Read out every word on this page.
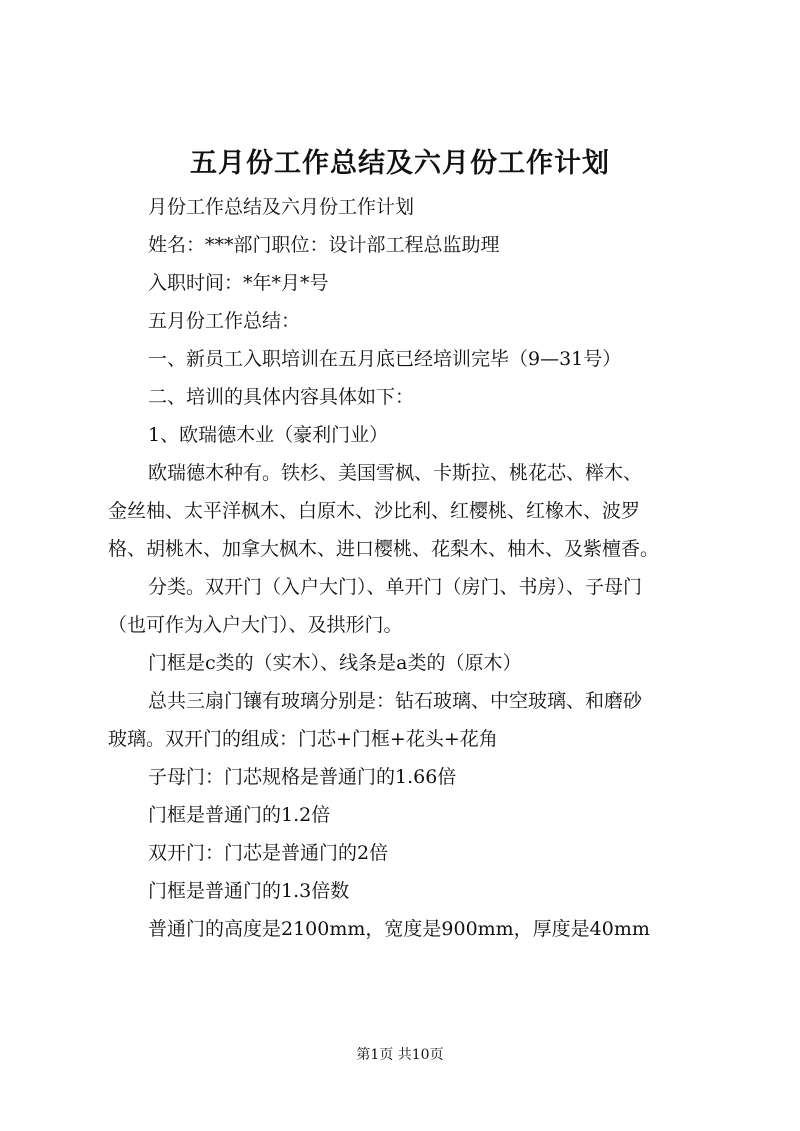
五月份工作总结及六月份工作计划

月份工作总结及六月份工作计划

姓名：***部门职位：设计部工程总监助理

入职时间：*年*月*号

五月份工作总结：

一、新员工入职培训在五月底已经培训完毕（9—31号）

二、培训的具体内容具体如下：

1、欧瑞德木业（豪利门业）

欧瑞德木种有。铁杉、美国雪枫、卡斯拉、桃花芯、榉木、
金丝柚、太平洋枫木、白原木、沙比利、红樱桃、红橡木、波罗
格、胡桃木、加拿大枫木、进口樱桃、花梨木、柚木、及紫檀香。

分类。双开门（入户大门）、单开门（房门、书房）、子母门
（也可作为入户大门）、及拱形门。

门框是c类的（实木）、线条是a类的（原木）

总共三扇门镶有玻璃分别是：钻石玻璃、中空玻璃、和磨砂
玻璃。双开门的组成：门芯+门框+花头+花角

子母门：门芯规格是普通门的1.66倍

门框是普通门的1.2倍

双开门：门芯是普通门的2倍

门框是普通门的1.3倍数

普通门的高度是2100mm，宽度是900mm，厚度是40mm

第1页 共10页
